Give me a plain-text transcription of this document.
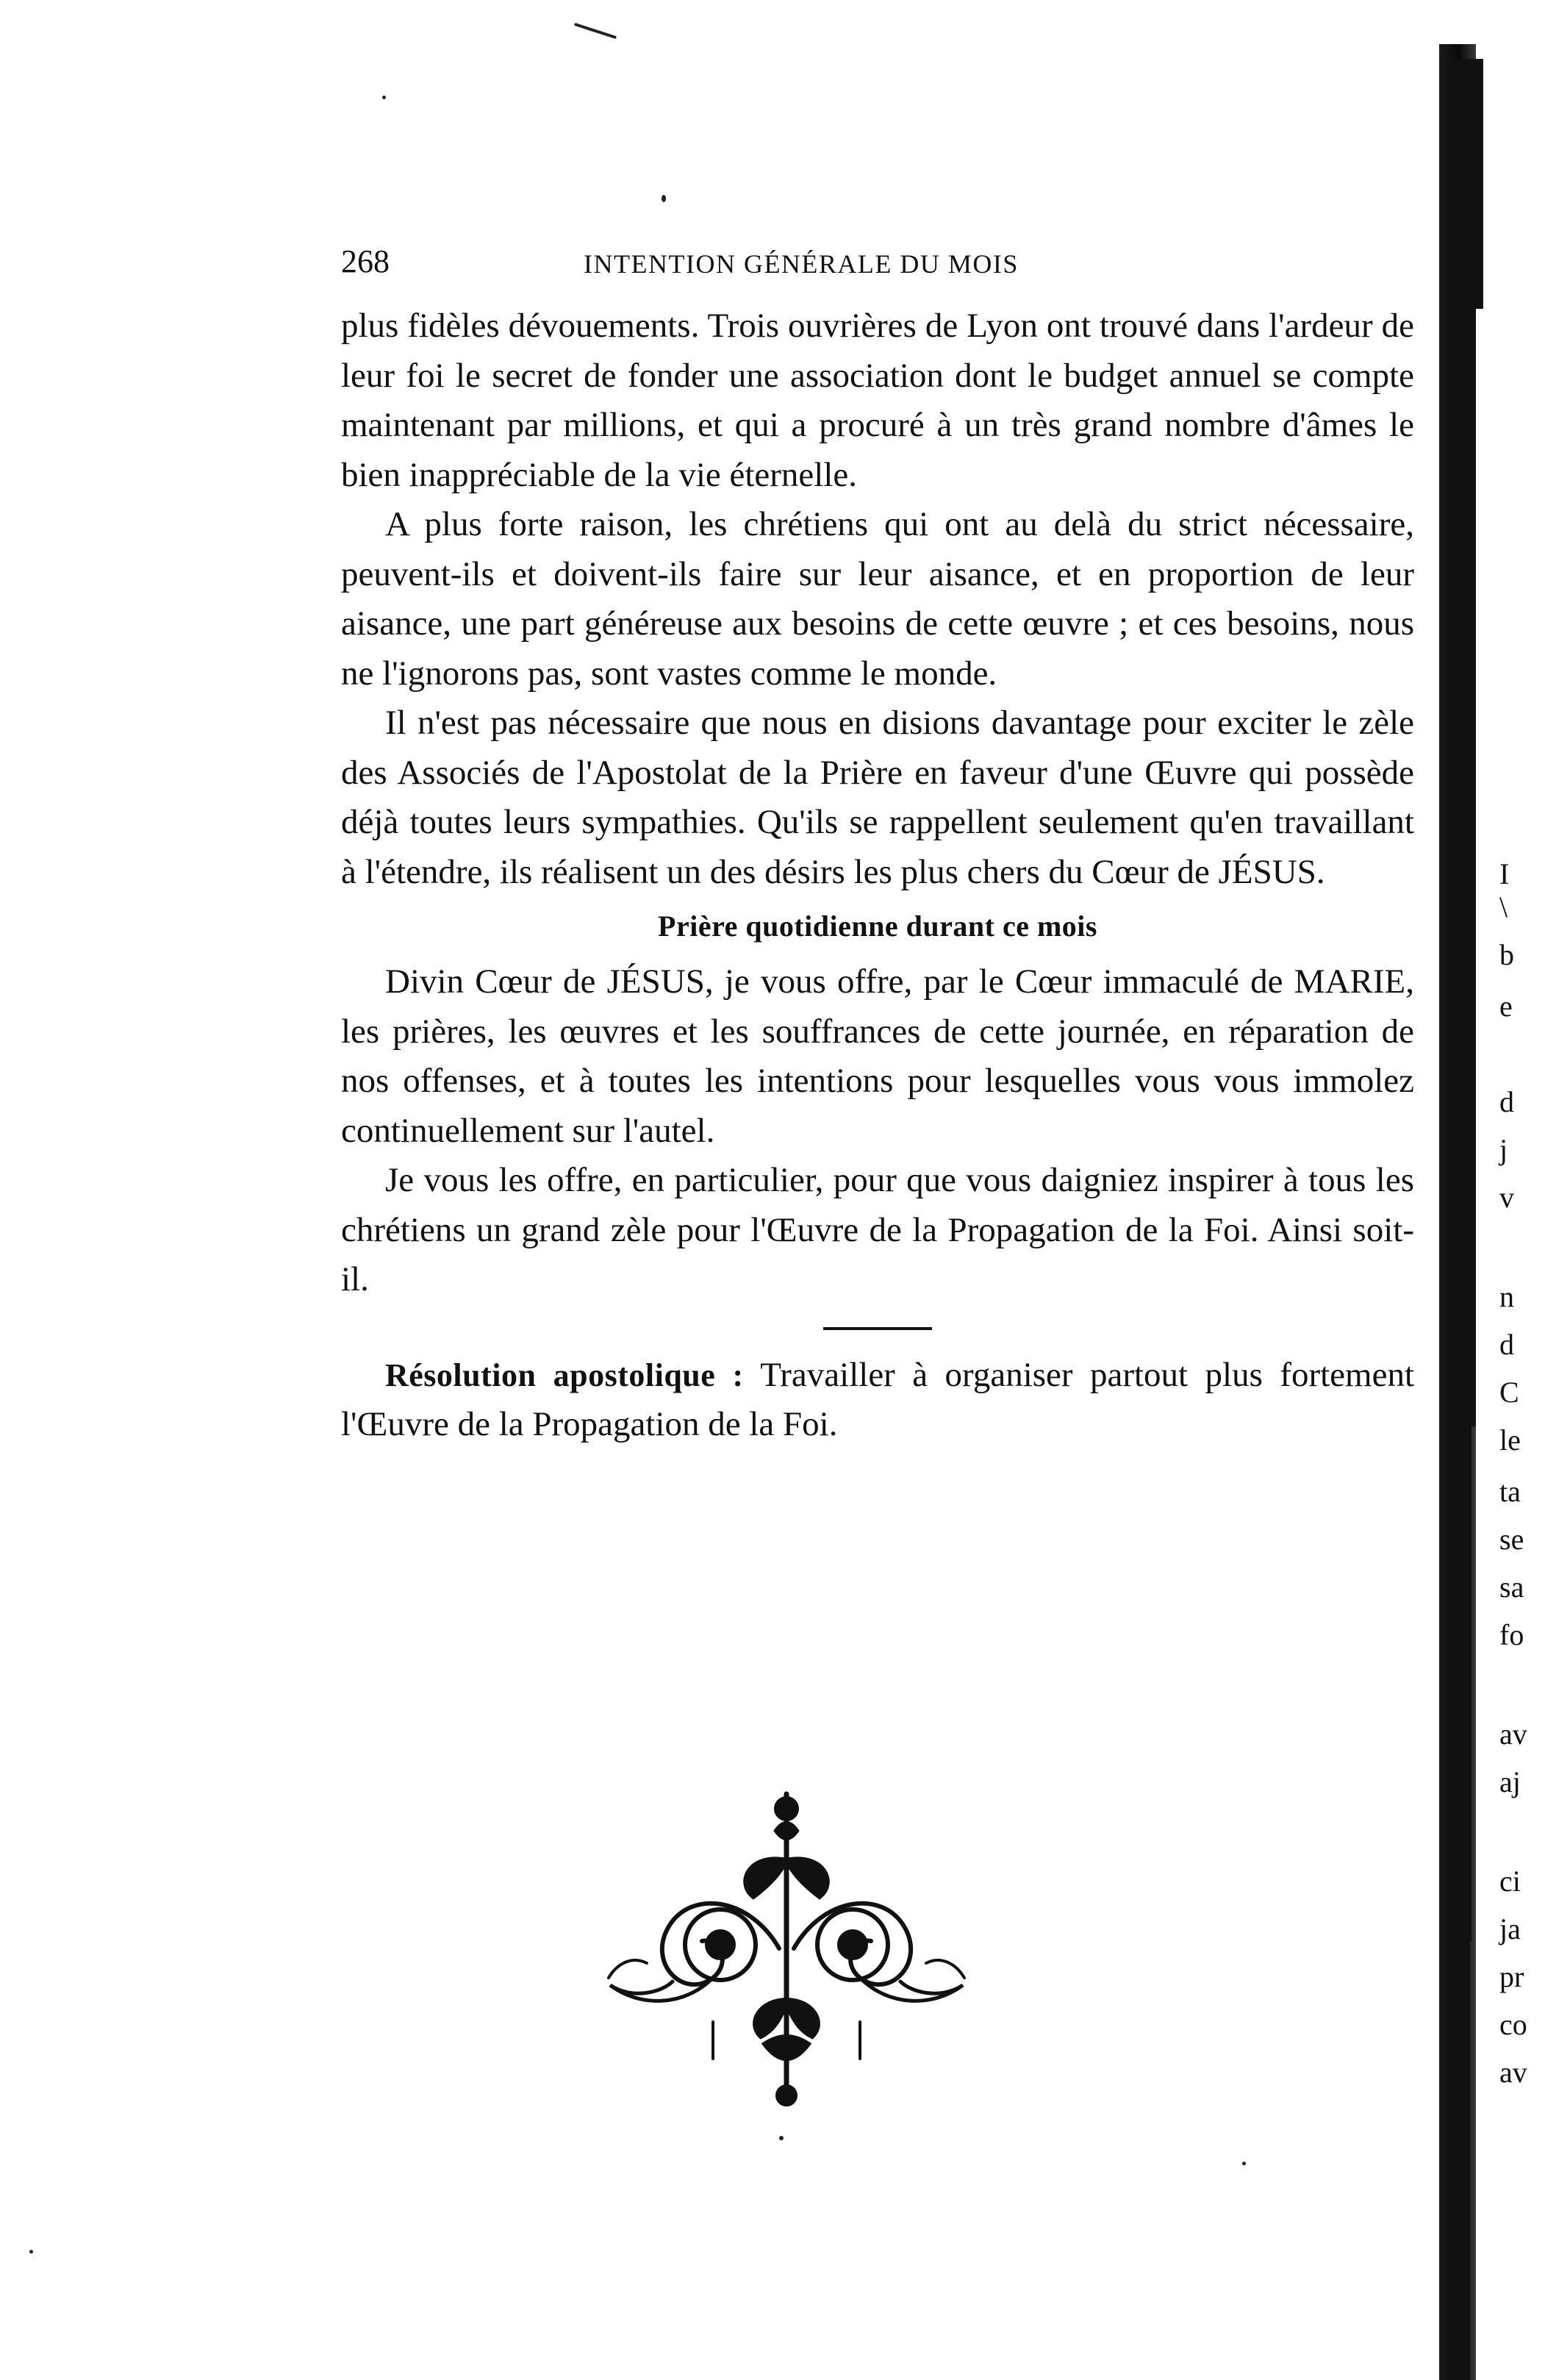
268	INTENTION GÉNÉRALE DU MOIS

plus fidèles dévouements. Trois ouvrières de Lyon ont trouvé dans l'ardeur de leur foi le secret de fonder une association dont le budget annuel se compte maintenant par millions, et qui a procuré à un très grand nombre d'âmes le bien inappréciable de la vie éternelle.

A plus forte raison, les chrétiens qui ont au delà du strict nécessaire, peuvent-ils et doivent-ils faire sur leur aisance, et en proportion de leur aisance, une part généreuse aux besoins de cette œuvre ; et ces besoins, nous ne l'ignorons pas, sont vastes comme le monde.

Il n'est pas nécessaire que nous en disions davantage pour exciter le zèle des Associés de l'Apostolat de la Prière en faveur d'une Œuvre qui possède déjà toutes leurs sympathies. Qu'ils se rappellent seulement qu'en travaillant à l'étendre, ils réalisent un des désirs les plus chers du Cœur de JÉSUS.

Prière quotidienne durant ce mois

Divin Cœur de JÉSUS, je vous offre, par le Cœur immaculé de MARIE, les prières, les œuvres et les souffrances de cette journée, en réparation de nos offenses, et à toutes les intentions pour lesquelles vous vous immolez continuellement sur l'autel.

Je vous les offre, en particulier, pour que vous daigniez inspirer à tous les chrétiens un grand zèle pour l'Œuvre de la Propagation de la Foi. Ainsi soit-il.

Résolution apostolique : Travailler à organiser partout plus fortement l'Œuvre de la Propagation de la Foi.

I
\
b
e
d
j
v
n
d
C
le
ta
se
sa
fo
av
aj
ci
ja
pr
co
av
